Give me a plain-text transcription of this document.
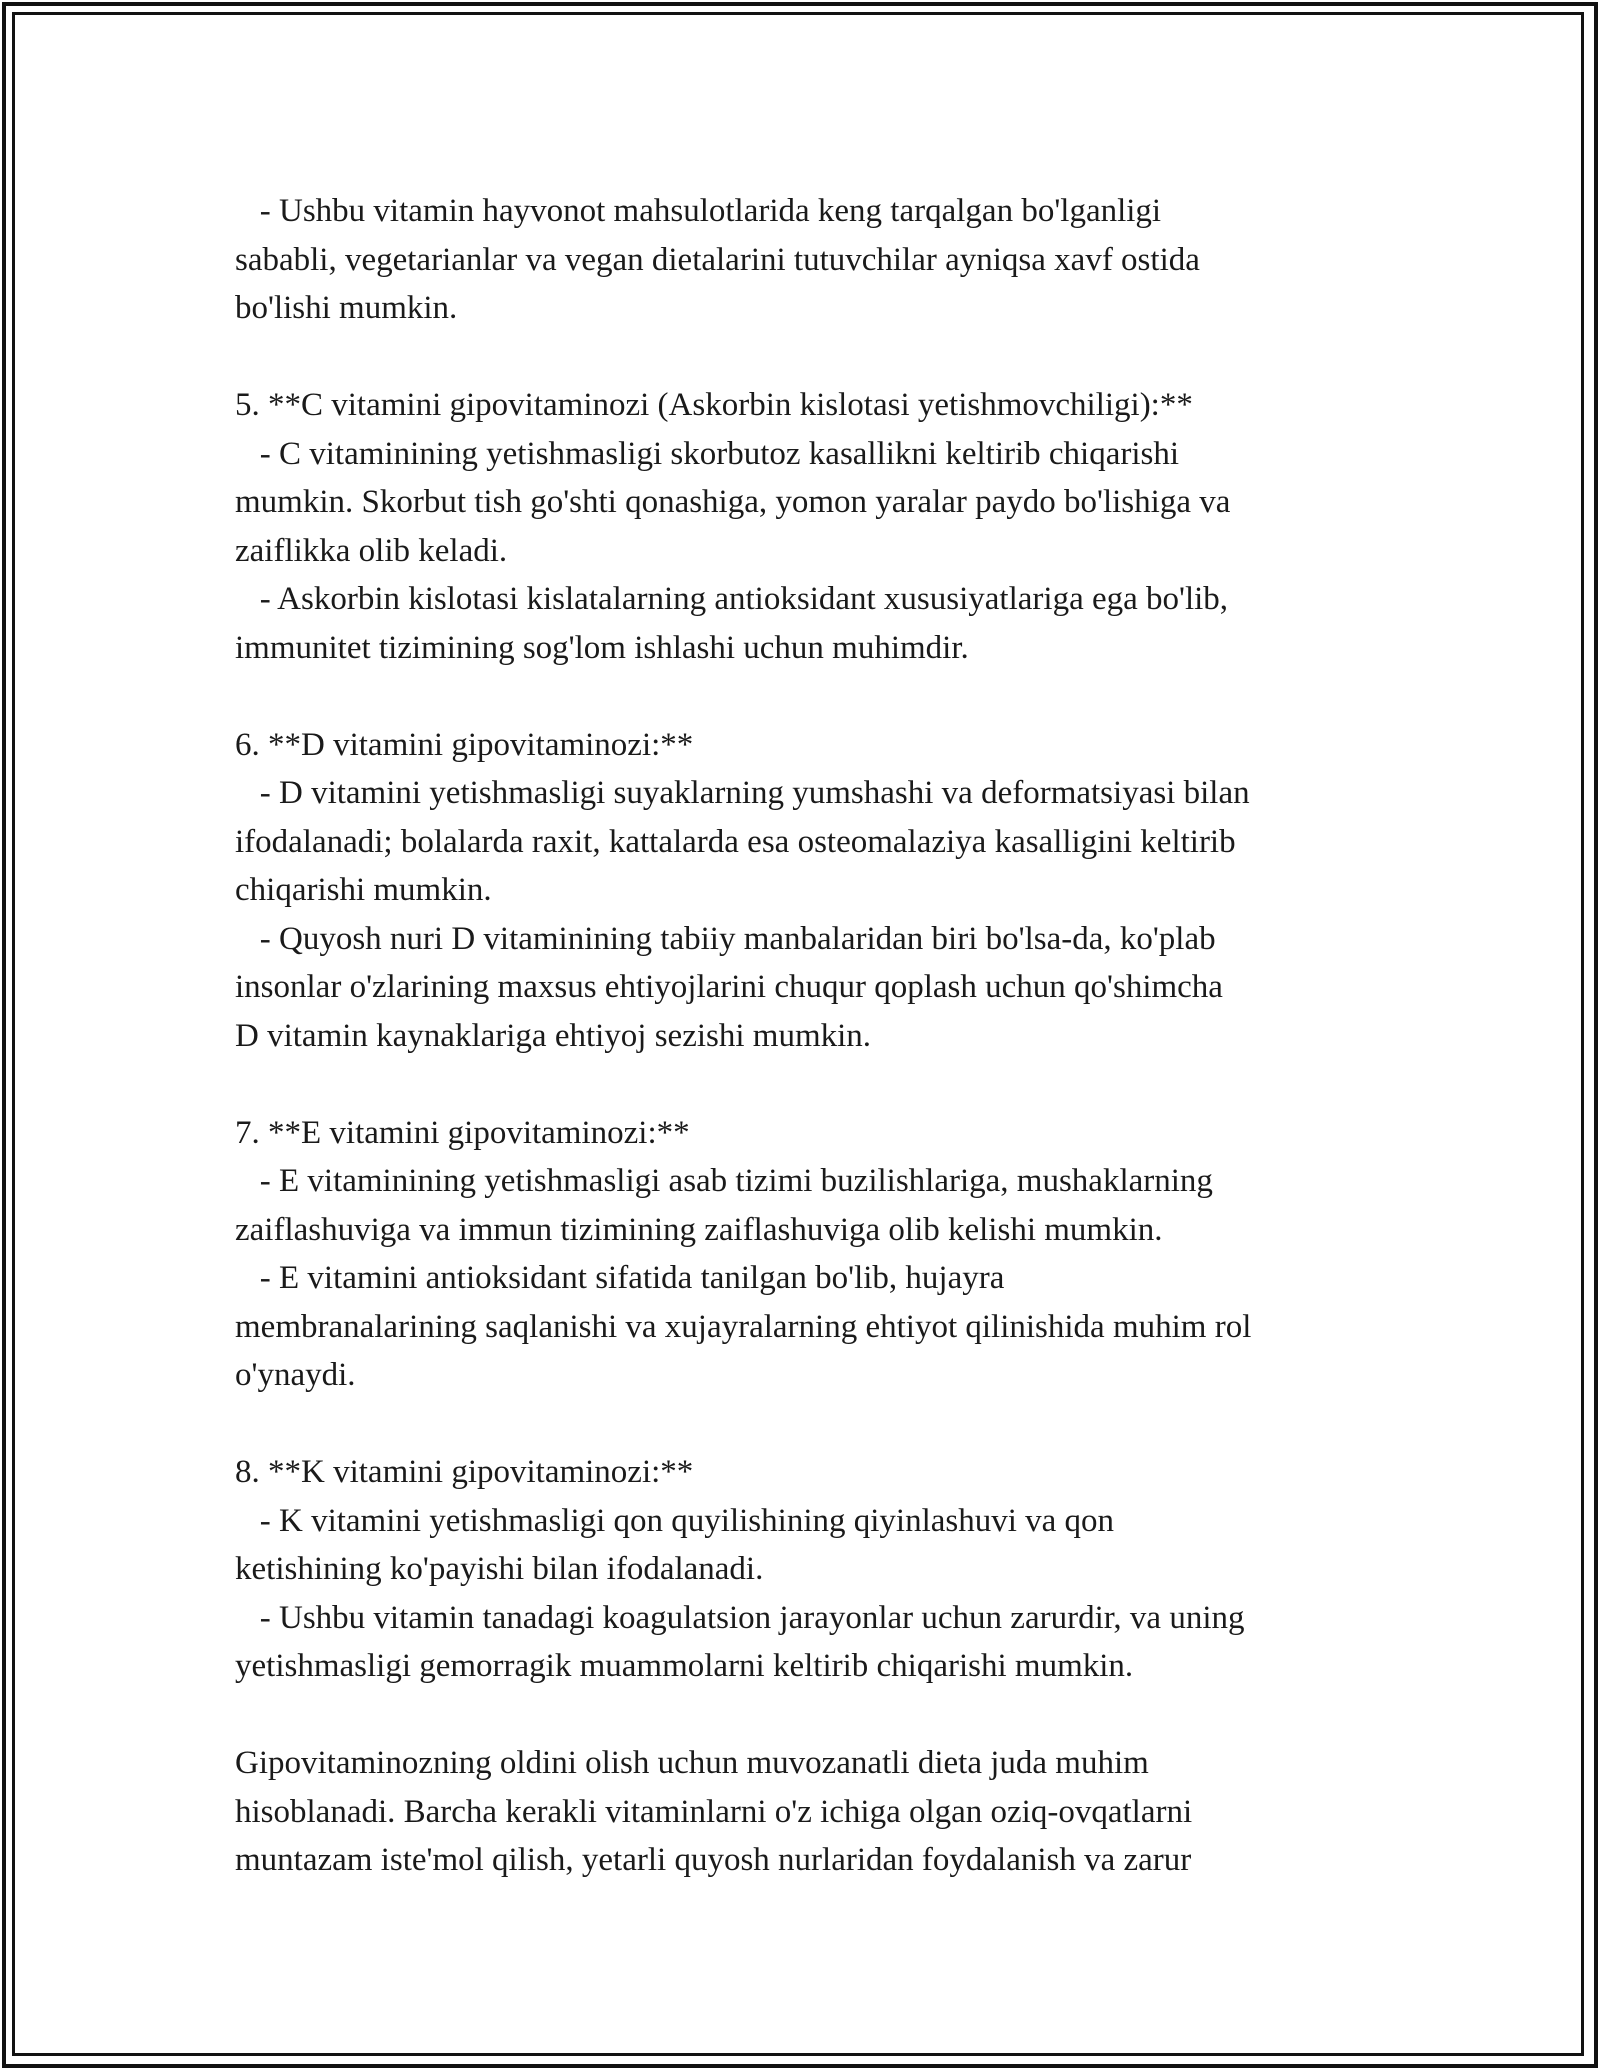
- Ushbu vitamin hayvonot mahsulotlarida keng tarqalgan bo'lganligi
sababli, vegetarianlar va vegan dietalarini tutuvchilar ayniqsa xavf ostida
bo'lishi mumkin.
5. **C vitamini gipovitaminozi (Askorbin kislotasi yetishmovchiligi):**
- C vitaminining yetishmasligi skorbutoz kasallikni keltirib chiqarishi
mumkin. Skorbut tish go'shti qonashiga, yomon yaralar paydo bo'lishiga va
zaiflikka olib keladi.
- Askorbin kislotasi kislatalarning antioksidant xususiyatlariga ega bo'lib,
immunitet tizimining sog'lom ishlashi uchun muhimdir.
6. **D vitamini gipovitaminozi:**
- D vitamini yetishmasligi suyaklarning yumshashi va deformatsiyasi bilan
ifodalanadi; bolalarda raxit, kattalarda esa osteomalaziya kasalligini keltirib
chiqarishi mumkin.
- Quyosh nuri D vitaminining tabiiy manbalaridan biri bo'lsa-da, ko'plab
insonlar o'zlarining maxsus ehtiyojlarini chuqur qoplash uchun qo'shimcha
D vitamin kaynaklariga ehtiyoj sezishi mumkin.
7. **E vitamini gipovitaminozi:**
- E vitaminining yetishmasligi asab tizimi buzilishlariga, mushaklarning
zaiflashuviga va immun tizimining zaiflashuviga olib kelishi mumkin.
- E vitamini antioksidant sifatida tanilgan bo'lib, hujayra
membranalarining saqlanishi va xujayralarning ehtiyot qilinishida muhim rol
o'ynaydi.
8. **K vitamini gipovitaminozi:**
- K vitamini yetishmasligi qon quyilishining qiyinlashuvi va qon
ketishining ko'payishi bilan ifodalanadi.
- Ushbu vitamin tanadagi koagulatsion jarayonlar uchun zarurdir, va uning
yetishmasligi gemorragik muammolarni keltirib chiqarishi mumkin.
Gipovitaminozning oldini olish uchun muvozanatli dieta juda muhim
hisoblanadi. Barcha kerakli vitaminlarni o'z ichiga olgan oziq-ovqatlarni
muntazam iste'mol qilish, yetarli quyosh nurlaridan foydalanish va zarur
